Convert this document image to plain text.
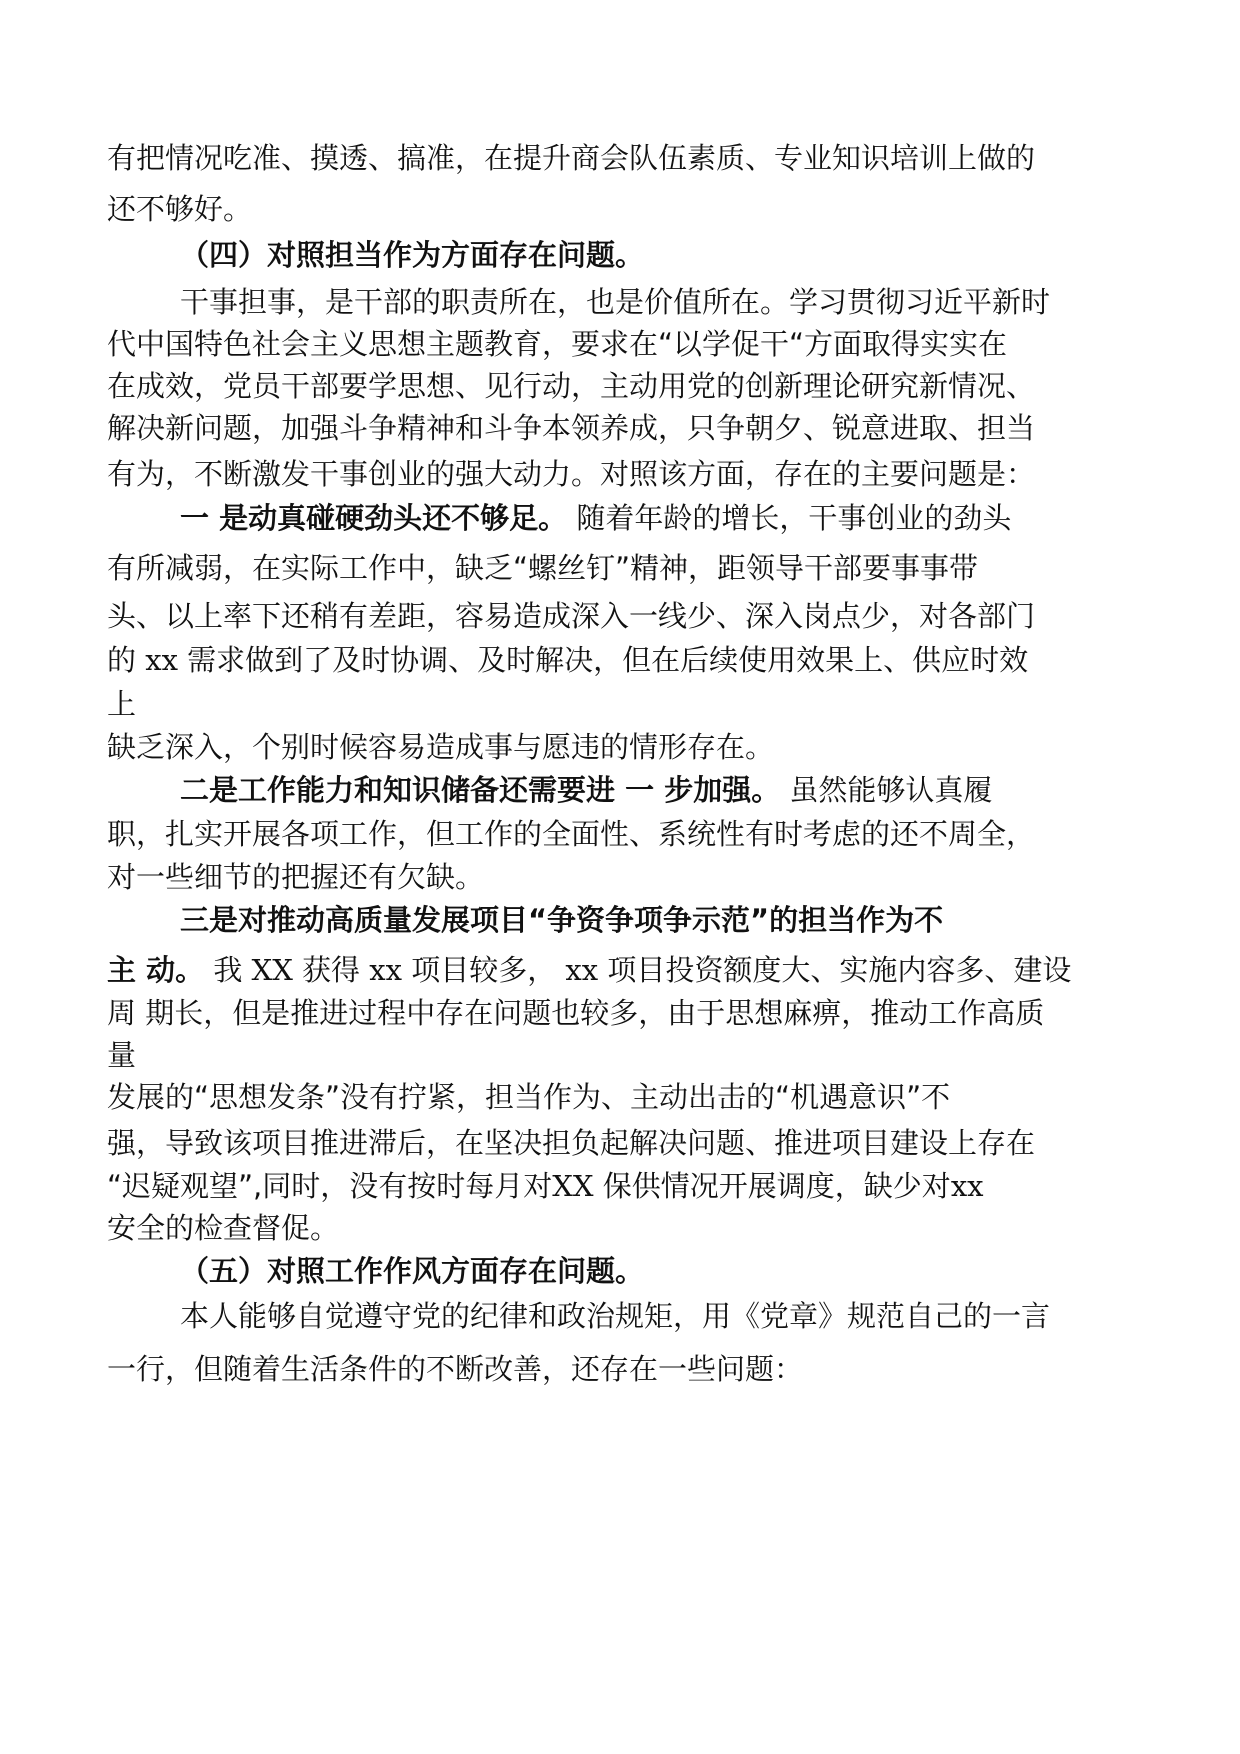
有把情况吃准、摸透、搞准，在提升商会队伍素质、专业知识培训上做的
还不够好。
（四）对照担当作为方面存在问题。
干事担事，是干部的职责所在，也是价值所在。学习贯彻习近平新时
代中国特色社会主义思想主题教育，要求在“以学促干“方面取得实实在
在成效，党员干部要学思想、见行动，主动用党的创新理论研究新情况、
解决新问题，加强斗争精神和斗争本领养成，只争朝夕、锐意进取、担当
有为，不断激发干事创业的强大动力。对照该方面，存在的主要问题是：
一 是动真碰硬劲头还不够足。 随着年龄的增长，干事创业的劲头
有所减弱，在实际工作中，缺乏“螺丝钉”精神，距领导干部要事事带
头、以上率下还稍有差距，容易造成深入一线少、深入岗点少，对各部门
的 xx 需求做到了及时协调、及时解决，但在后续使用效果上、供应时效
上
缺乏深入，个别时候容易造成事与愿违的情形存在。
二是工作能力和知识储备还需要进 一 步加强。 虽然能够认真履
职，扎实开展各项工作，但工作的全面性、系统性有时考虑的还不周全，
对一些细节的把握还有欠缺。
三是对推动高质量发展项目“争资争项争示范”的担当作为不
主 动。 我 XX 获得 xx 项目较多， xx 项目投资额度大、实施内容多、建设
周 期长，但是推进过程中存在问题也较多，由于思想麻痹，推动工作高质
量
发展的“思想发条”没有拧紧，担当作为、主动出击的“机遇意识”不
强，导致该项目推进滞后，在坚决担负起解决问题、推进项目建设上存在
“迟疑观望”,同时，没有按时每月对XX 保供情况开展调度，缺少对xx
安全的检查督促。
（五）对照工作作风方面存在问题。
本人能够自觉遵守党的纪律和政治规矩，用《党章》规范自己的一言
一行，但随着生活条件的不断改善，还存在一些问题：
